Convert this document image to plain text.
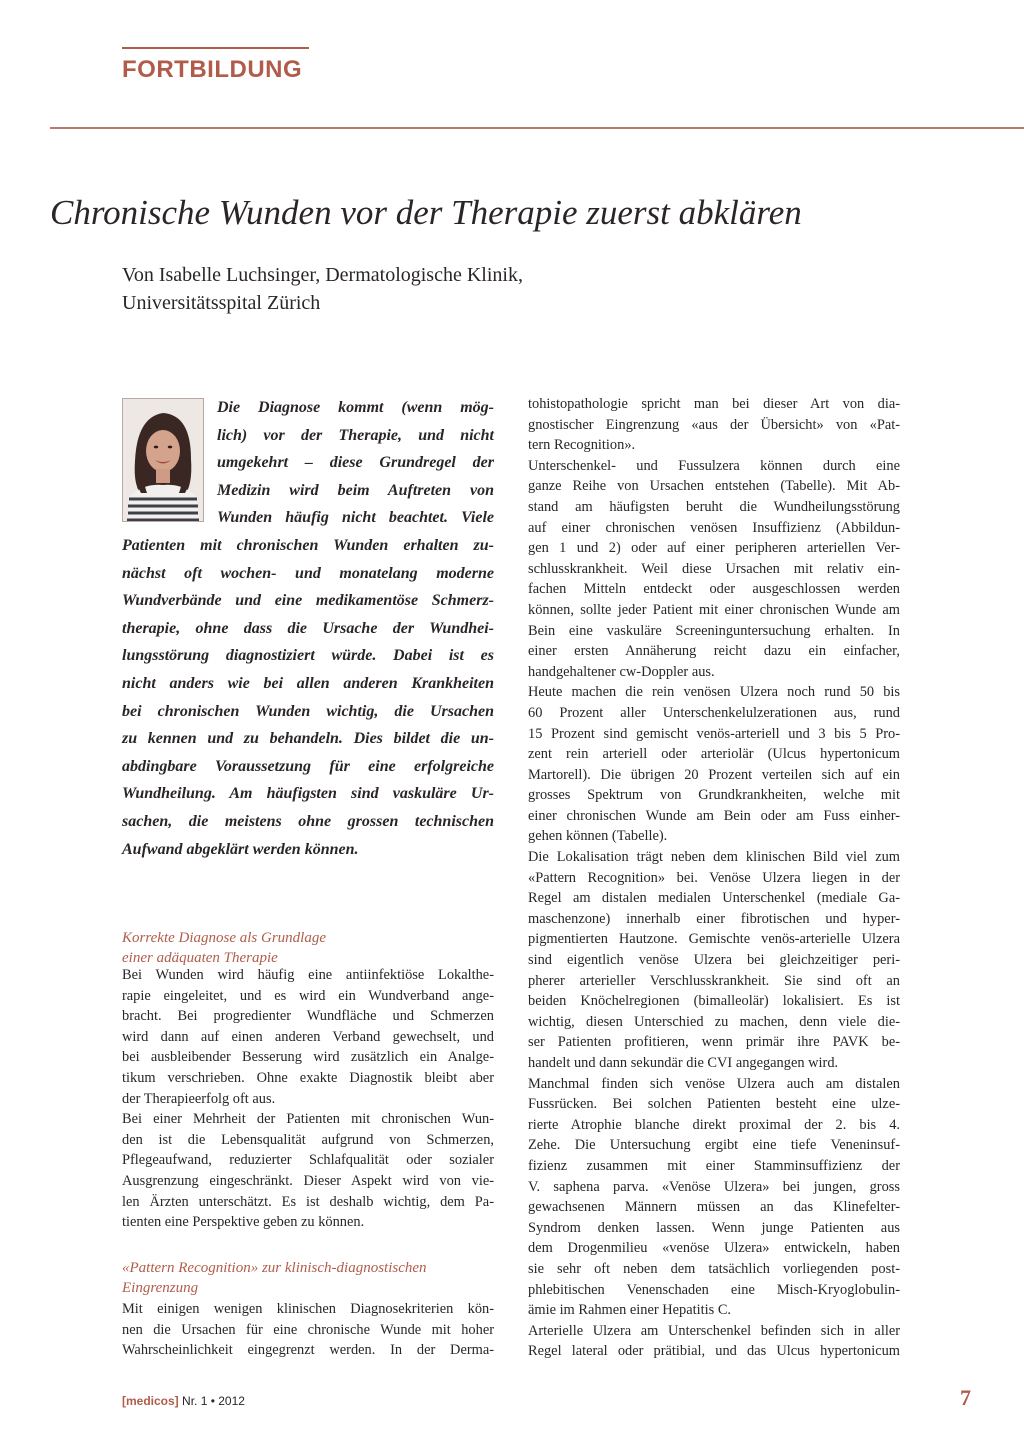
FORTBILDUNG
Chronische Wunden vor der Therapie zuerst abklären
Von Isabelle Luchsinger, Dermatologische Klinik,
Universitätsspital Zürich
Die Diagnose kommt (wenn mög-
lich) vor der Therapie, und nicht
umgekehrt – diese Grundregel der
Medizin wird beim Auftreten von
Wunden häufig nicht beachtet. Viele
Patienten mit chronischen Wunden erhalten zu-
nächst oft wochen- und monatelang moderne
Wundverbände und eine medikamentöse Schmerz-
therapie, ohne dass die Ursache der Wundhei-
lungsstörung diagnostiziert würde. Dabei ist es
nicht anders wie bei allen anderen Krankheiten
bei chronischen Wunden wichtig, die Ursachen
zu kennen und zu behandeln. Dies bildet die un-
abdingbare Voraussetzung für eine erfolgreiche
Wundheilung. Am häufigsten sind vaskuläre Ur-
sachen, die meistens ohne grossen technischen
Aufwand abgeklärt werden können.
Korrekte Diagnose als Grundlage
einer adäquaten Therapie
Bei Wunden wird häufig eine antiinfektiöse Lokalthe-
rapie eingeleitet, und es wird ein Wundverband ange-
bracht. Bei progredienter Wundfläche und Schmerzen
wird dann auf einen anderen Verband gewechselt, und
bei ausbleibender Besserung wird zusätzlich ein Analge-
tikum verschrieben. Ohne exakte Diagnostik bleibt aber
der Therapieerfolg oft aus.
Bei einer Mehrheit der Patienten mit chronischen Wun-
den ist die Lebensqualität aufgrund von Schmerzen,
Pflegeaufwand, reduzierter Schlafqualität oder sozialer
Ausgrenzung eingeschränkt. Dieser Aspekt wird von vie-
len Ärzten unterschätzt. Es ist deshalb wichtig, dem Pa-
tienten eine Perspektive geben zu können.
«Pattern Recognition» zur klinisch-diagnostischen
Eingrenzung
Mit einigen wenigen klinischen Diagnosekriterien kön-
nen die Ursachen für eine chronische Wunde mit hoher
Wahrscheinlichkeit eingegrenzt werden. In der Derma-
tohistopathologie spricht man bei dieser Art von dia-
gnostischer Eingrenzung «aus der Übersicht» von «Pat-
tern Recognition».
Unterschenkel- und Fussulzera können durch eine
ganze Reihe von Ursachen entstehen (Tabelle). Mit Ab-
stand am häufigsten beruht die Wundheilungsstörung
auf einer chronischen venösen Insuffizienz (Abbildun-
gen 1 und 2) oder auf einer peripheren arteriellen Ver-
schlusskrankheit. Weil diese Ursachen mit relativ ein-
fachen Mitteln entdeckt oder ausgeschlossen werden
können, sollte jeder Patient mit einer chronischen Wunde am
Bein eine vaskuläre Screeninguntersuchung erhalten. In
einer ersten Annäherung reicht dazu ein einfacher,
handgehaltener cw-Doppler aus.
Heute machen die rein venösen Ulzera noch rund 50 bis
60 Prozent aller Unterschenkelulzerationen aus, rund
15 Prozent sind gemischt venös-arteriell und 3 bis 5 Pro-
zent rein arteriell oder arteriolär (Ulcus hypertonicum
Martorell). Die übrigen 20 Prozent verteilen sich auf ein
grosses Spektrum von Grundkrankheiten, welche mit
einer chronischen Wunde am Bein oder am Fuss einher-
gehen können (Tabelle).
Die Lokalisation trägt neben dem klinischen Bild viel zum
«Pattern Recognition» bei. Venöse Ulzera liegen in der
Regel am distalen medialen Unterschenkel (mediale Ga-
maschenzone) innerhalb einer fibrotischen und hyper-
pigmentierten Hautzone. Gemischte venös-arterielle Ulzera
sind eigentlich venöse Ulzera bei gleichzeitiger peri-
pherer arterieller Verschlusskrankheit. Sie sind oft an
beiden Knöchelregionen (bimalleolär) lokalisiert. Es ist
wichtig, diesen Unterschied zu machen, denn viele die-
ser Patienten profitieren, wenn primär ihre PAVK be-
handelt und dann sekundär die CVI angegangen wird.
Manchmal finden sich venöse Ulzera auch am distalen
Fussrücken. Bei solchen Patienten besteht eine ulze-
rierte Atrophie blanche direkt proximal der 2. bis 4.
Zehe. Die Untersuchung ergibt eine tiefe Veneninsuf-
fizienz zusammen mit einer Stamminsuffizienz der
V. saphena parva. «Venöse Ulzera» bei jungen, gross
gewachsenen Männern müssen an das Klinefelter-
Syndrom denken lassen. Wenn junge Patienten aus
dem Drogenmilieu «venöse Ulzera» entwickeln, haben
sie sehr oft neben dem tatsächlich vorliegenden post-
phlebitischen Venenschaden eine Misch-Kryoglobulin-
ämie im Rahmen einer Hepatitis C.
Arterielle Ulzera am Unterschenkel befinden sich in aller
Regel lateral oder prätibial, und das Ulcus hypertonicum
[medicos] Nr. 1 • 2012	7
